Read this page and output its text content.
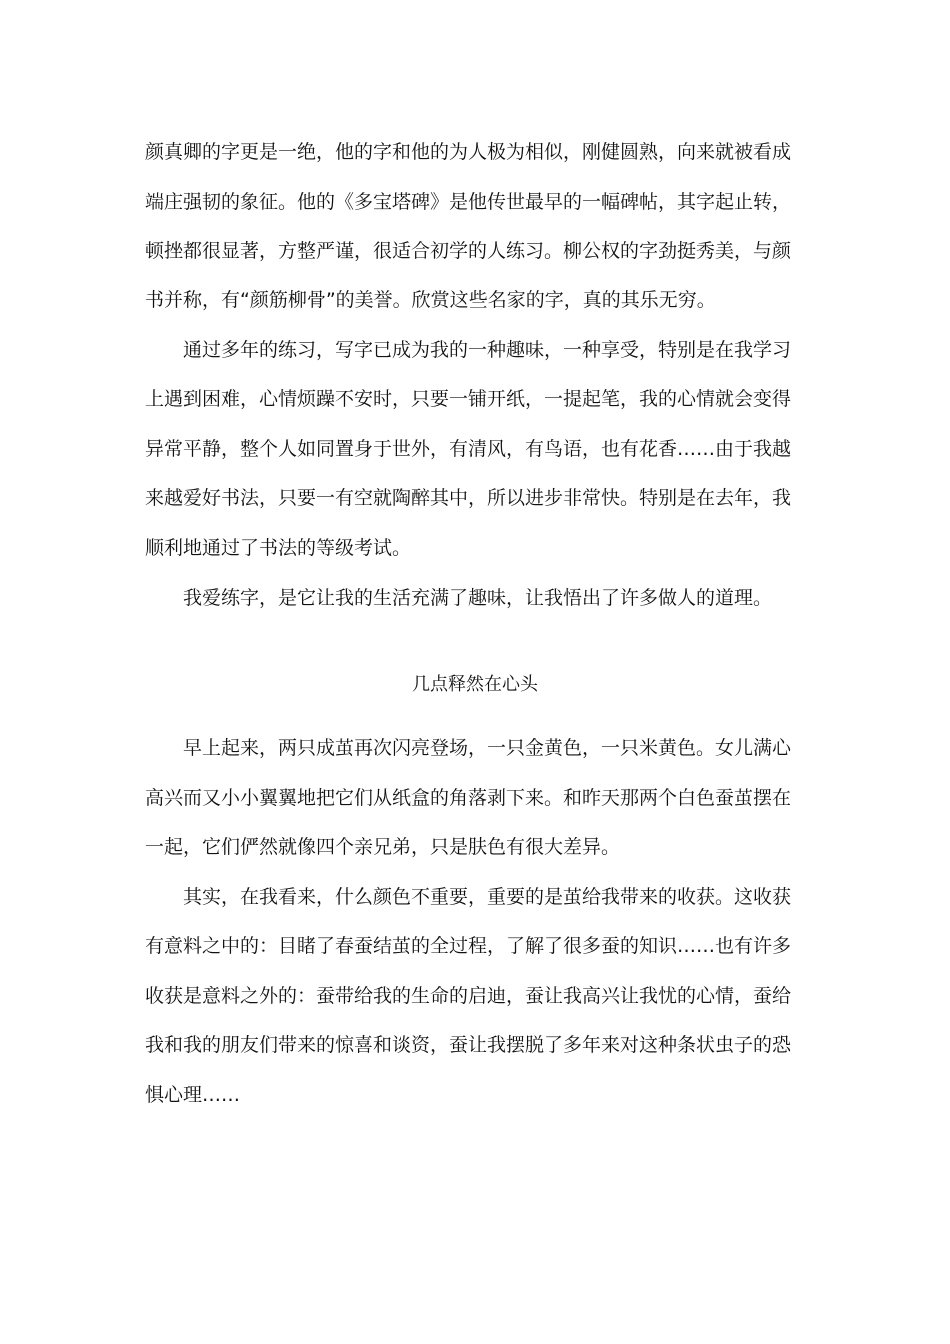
颜真卿的字更是一绝，他的字和他的为人极为相似，刚健圆熟，向来就被看成
端庄强韧的象征。他的《多宝塔碑》是他传世最早的一幅碑帖，其字起止转，
顿挫都很显著，方整严谨，很适合初学的人练习。柳公权的字劲挺秀美，与颜
书并称，有“颜筋柳骨”的美誉。欣赏这些名家的字，真的其乐无穷。
通过多年的练习，写字已成为我的一种趣味，一种享受，特别是在我学习
上遇到困难，心情烦躁不安时，只要一铺开纸，一提起笔，我的心情就会变得
异常平静，整个人如同置身于世外，有清风，有鸟语，也有花香……由于我越
来越爱好书法，只要一有空就陶醉其中，所以进步非常快。特别是在去年，我
顺利地通过了书法的等级考试。
我爱练字，是它让我的生活充满了趣味，让我悟出了许多做人的道理。
几点释然在心头
早上起来，两只成茧再次闪亮登场，一只金黄色，一只米黄色。女儿满心
高兴而又小小翼翼地把它们从纸盒的角落剥下来。和昨天那两个白色蚕茧摆在
一起，它们俨然就像四个亲兄弟，只是肤色有很大差异。
其实，在我看来，什么颜色不重要，重要的是茧给我带来的收获。这收获
有意料之中的：目睹了春蚕结茧的全过程，了解了很多蚕的知识……也有许多
收获是意料之外的：蚕带给我的生命的启迪，蚕让我高兴让我忧的心情，蚕给
我和我的朋友们带来的惊喜和谈资，蚕让我摆脱了多年来对这种条状虫子的恐
惧心理……
